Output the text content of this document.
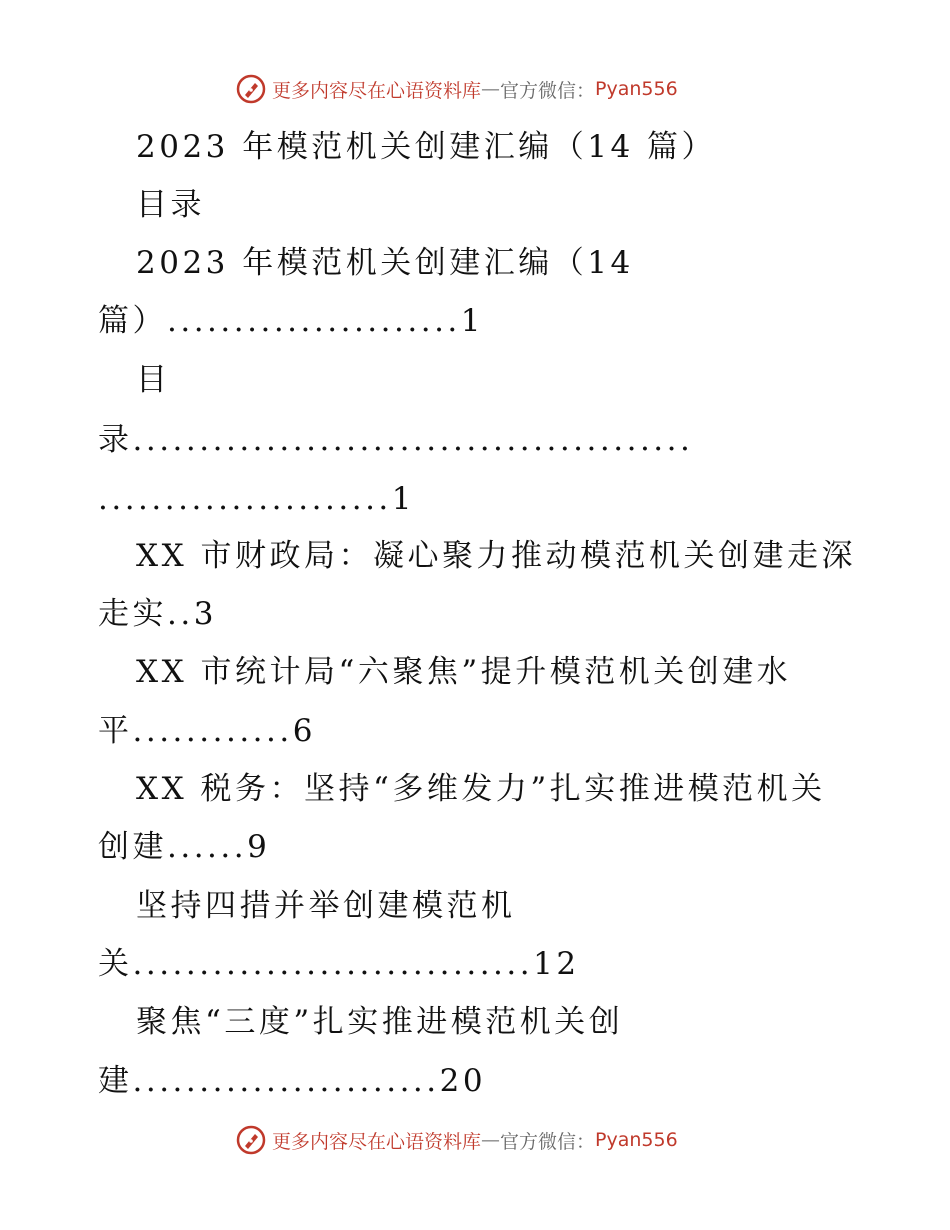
更多内容尽在心语资料库 — 官方微信： Pyan556
2023 年模范机关创建汇编（14 篇）
目录
2023 年模范机关创建汇编（14
篇）......................1
目
录..........................................
......................1
XX 市财政局：凝心聚力推动模范机关创建走深
走实..3
XX 市统计局“六聚焦”提升模范机关创建水
平............6
XX 税务：坚持“多维发力”扎实推进模范机关
创建......9
坚持四措并举创建模范机
关..............................12
聚焦“三度”扎实推进模范机关创
建.......................20
更多内容尽在心语资料库 — 官方微信： Pyan556
